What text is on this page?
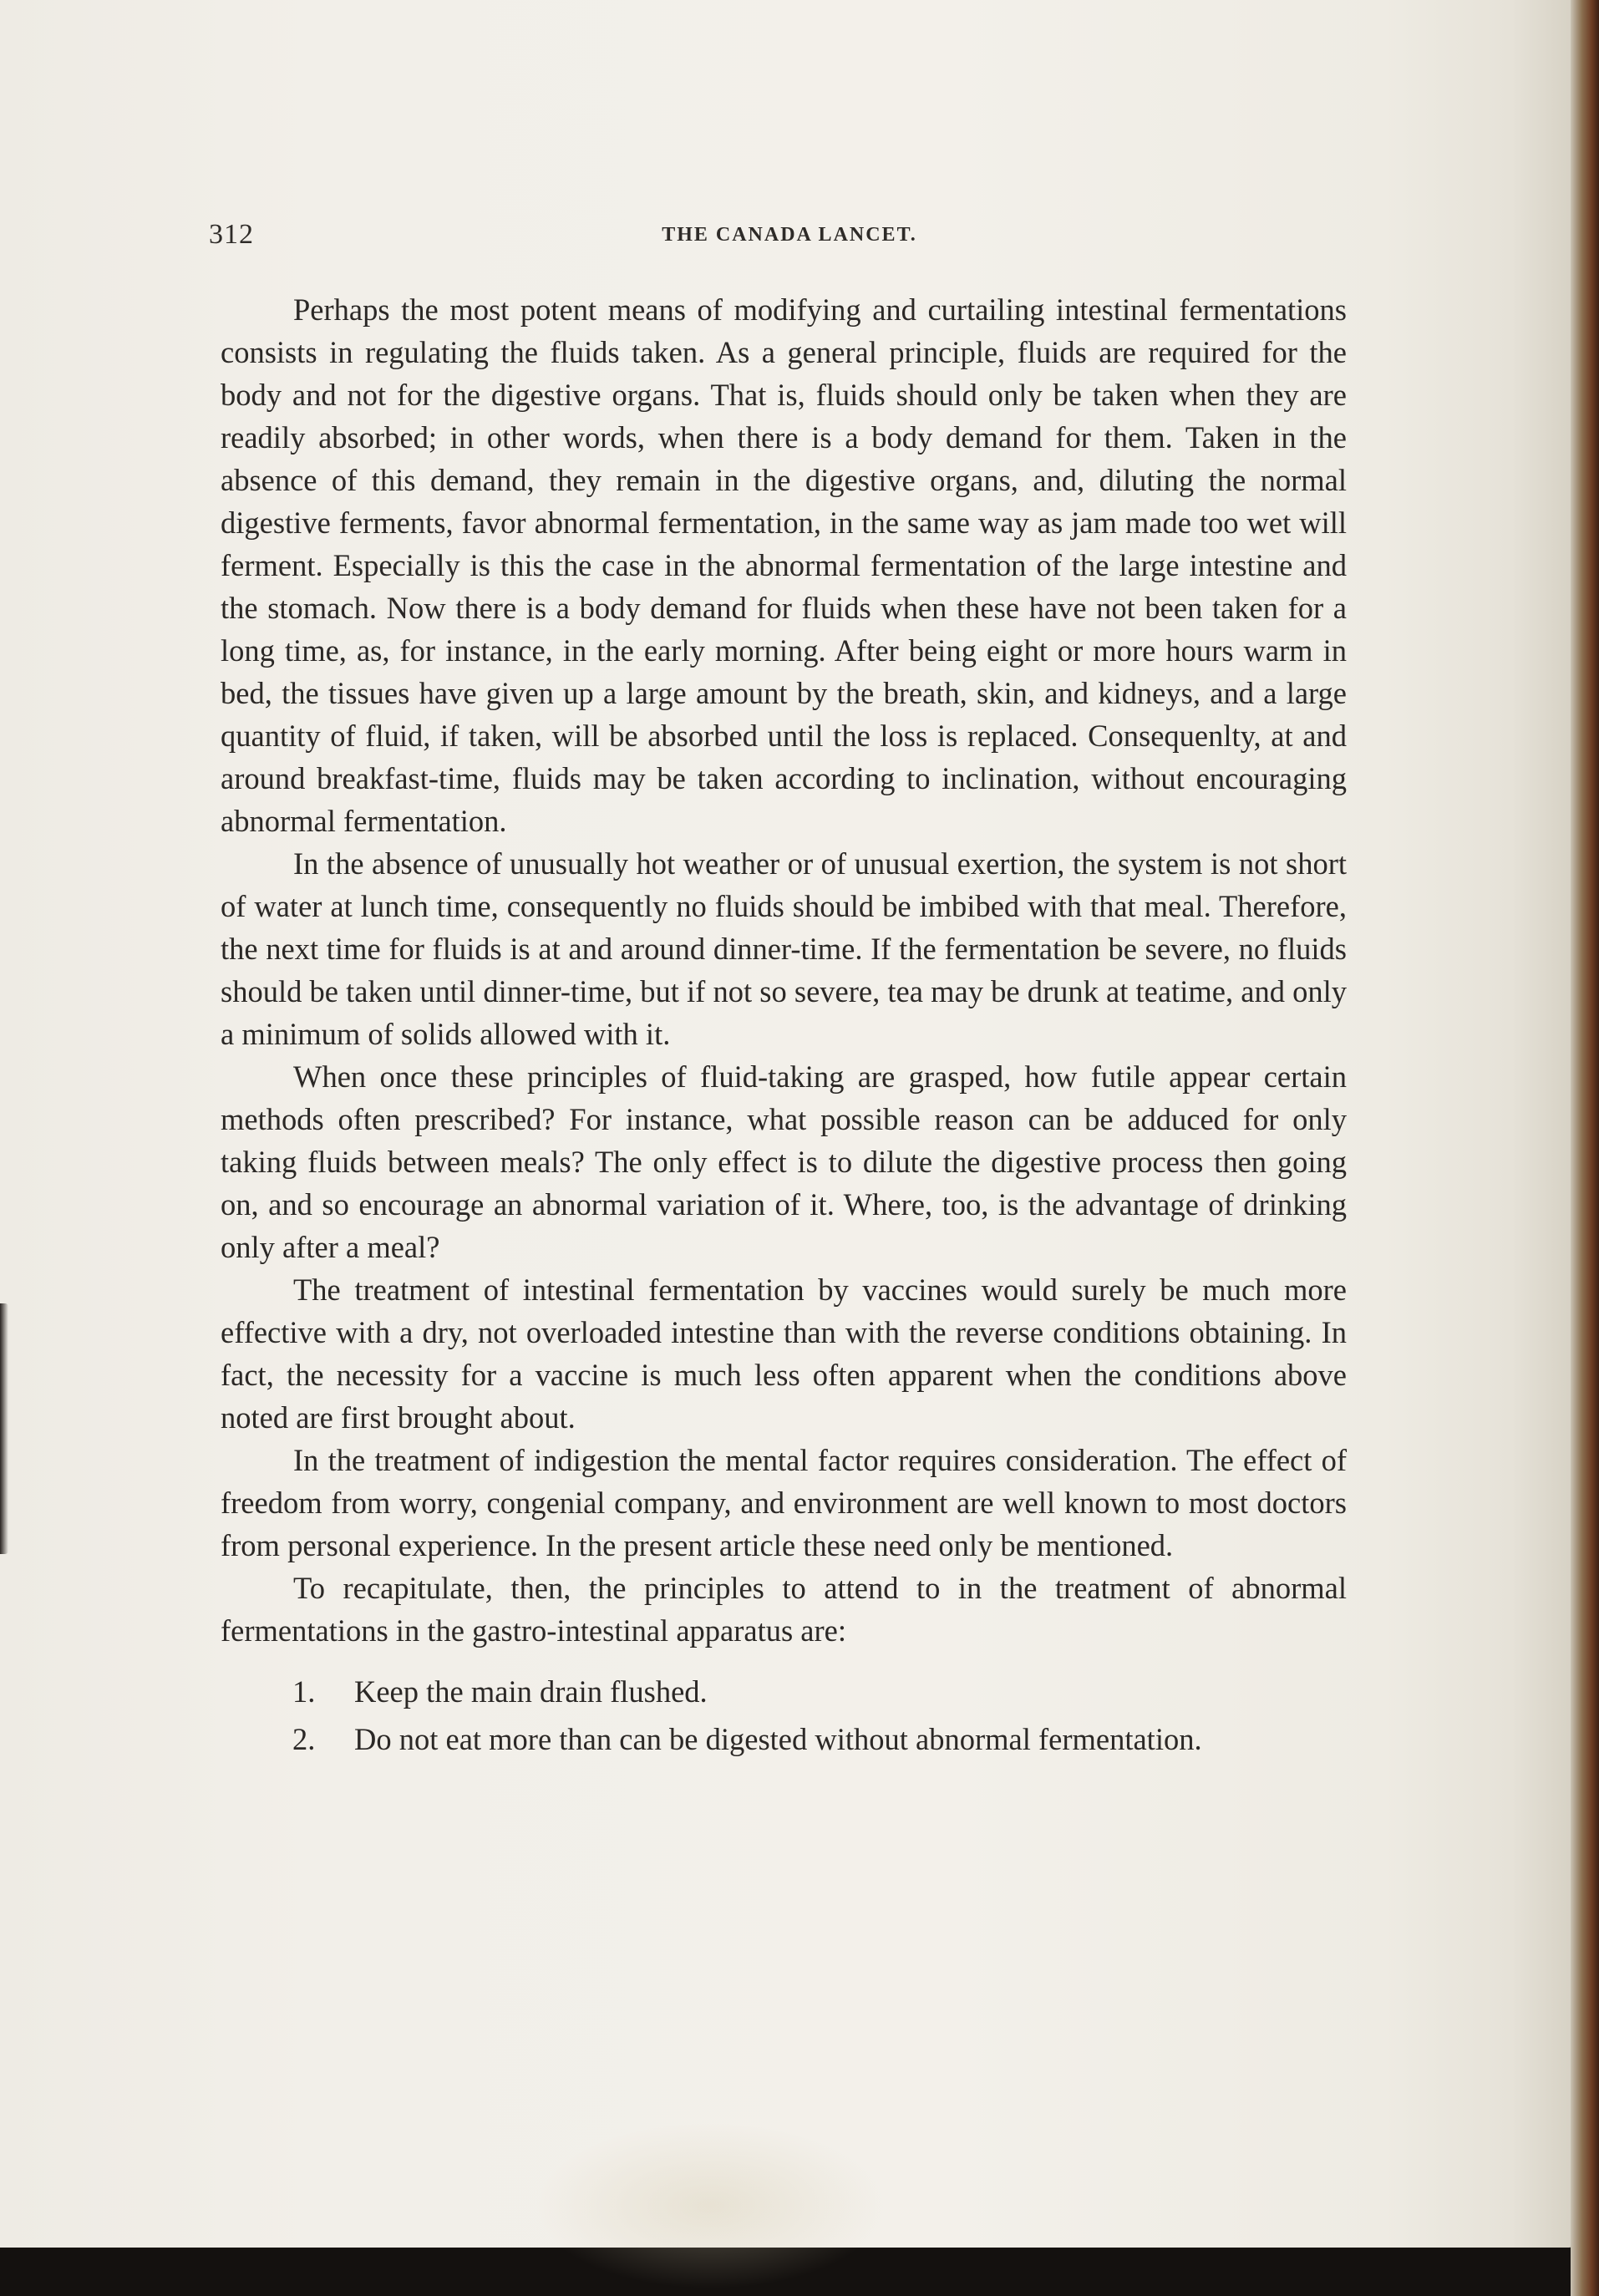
312	THE CANADA LANCET.

Perhaps the most potent means of modifying and curtailing intestinal fermentations consists in regulating the fluids taken. As a general principle, fluids are required for the body and not for the digestive organs. That is, fluids should only be taken when they are readily absorbed; in other words, when there is a body demand for them. Taken in the absence of this demand, they remain in the digestive organs, and, diluting the normal digestive ferments, favor abnormal fermentation, in the same way as jam made too wet will ferment. Especially is this the case in the abnormal fermentation of the large intestine and the stomach. Now there is a body demand for fluids when these have not been taken for a long time, as, for instance, in the early morning. After being eight or more hours warm in bed, the tissues have given up a large amount by the breath, skin, and kidneys, and a large quantity of fluid, if taken, will be absorbed until the loss is replaced. Consequenlty, at and around breakfast-time, fluids may be taken according to inclination, without encouraging abnormal fermentation.

In the absence of unusually hot weather or of unusual exertion, the system is not short of water at lunch time, consequently no fluids should be imbibed with that meal. Therefore, the next time for fluids is at and around dinner-time. If the fermentation be severe, no fluids should be taken until dinner-time, but if not so severe, tea may be drunk at teatime, and only a minimum of solids allowed with it.

When once these principles of fluid-taking are grasped, how futile appear certain methods often prescribed? For instance, what possible reason can be adduced for only taking fluids between meals? The only effect is to dilute the digestive process then going on, and so encourage an abnormal variation of it. Where, too, is the advantage of drinking only after a meal?

The treatment of intestinal fermentation by vaccines would surely be much more effective with a dry, not overloaded intestine than with the reverse conditions obtaining. In fact, the necessity for a vaccine is much less often apparent when the conditions above noted are first brought about.

In the treatment of indigestion the mental factor requires consideration. The effect of freedom from worry, congenial company, and environment are well known to most doctors from personal experience. In the present article these need only be mentioned.

To recapitulate, then, the principles to attend to in the treatment of abnormal fermentations in the gastro-intestinal apparatus are:

1. Keep the main drain flushed.
2. Do not eat more than can be digested without abnormal fermentation.
